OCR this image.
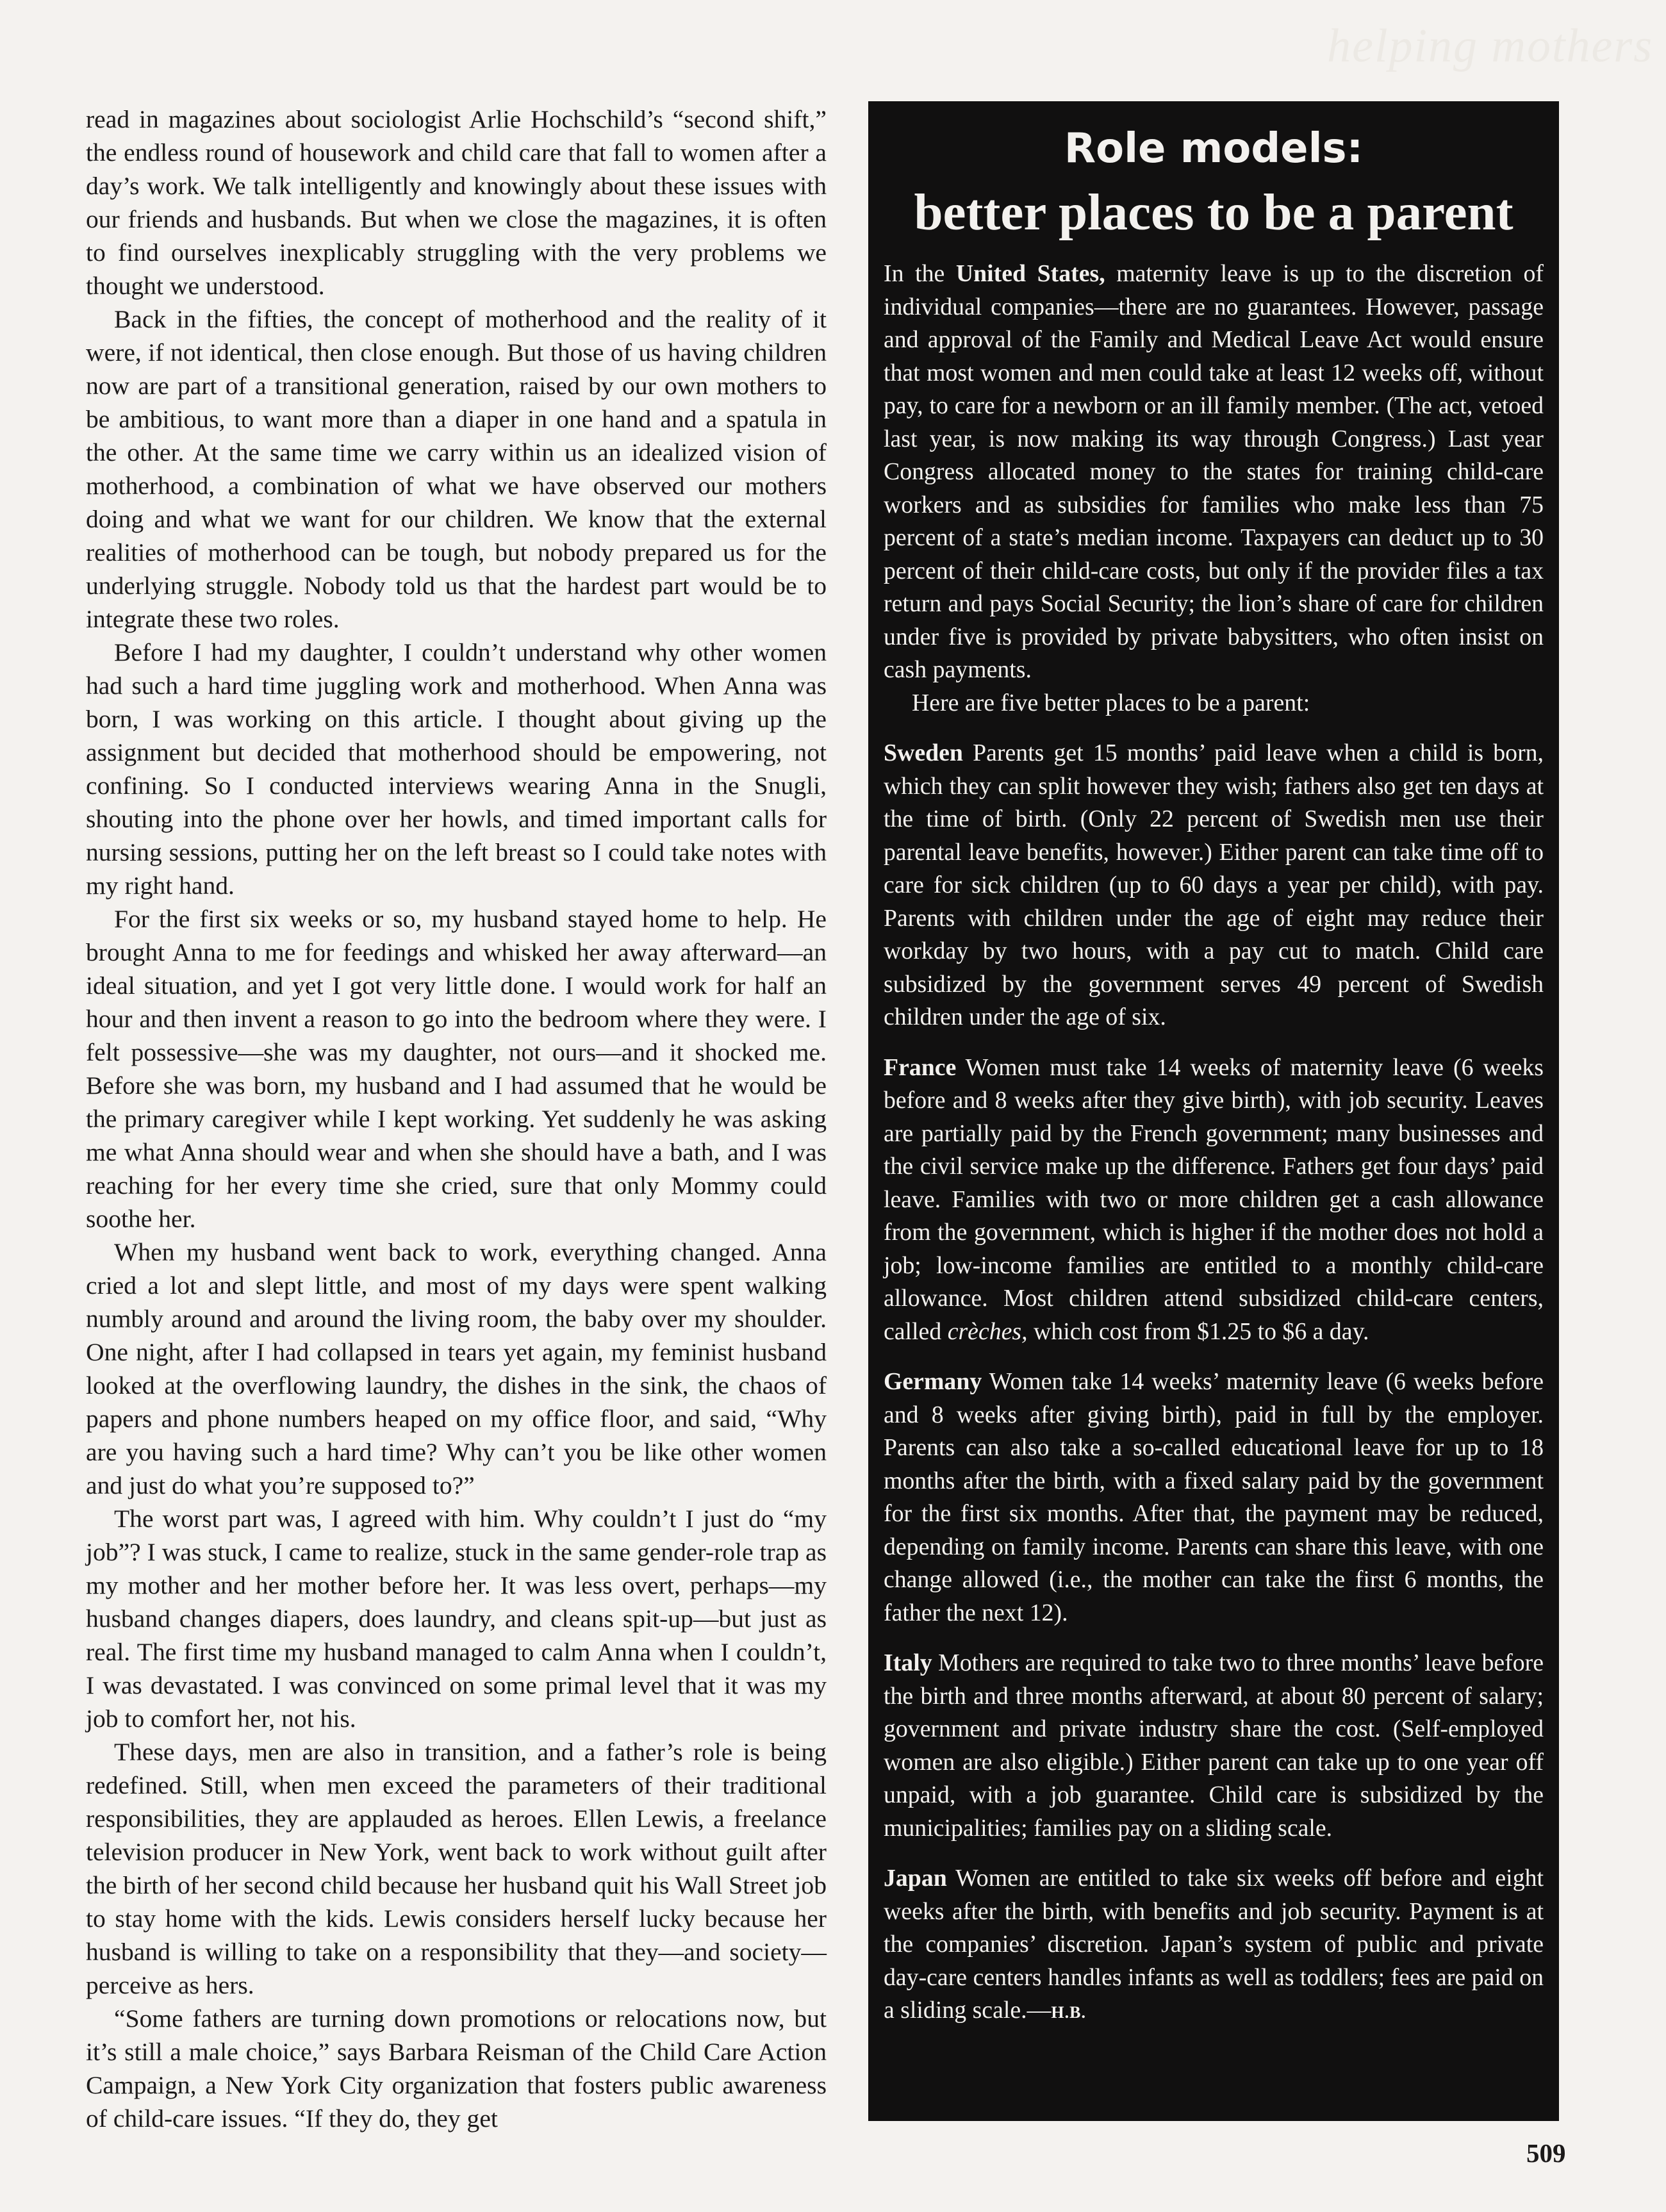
helping mothers

read in magazines about sociologist Arlie Hochschild’s “second shift,” the endless round of housework and child care that fall to women after a day’s work. We talk intelligently and knowingly about these issues with our friends and husbands. But when we close the magazines, it is often to find ourselves inexplicably struggling with the very problems we thought we understood.

Back in the fifties, the concept of motherhood and the reality of it were, if not identical, then close enough. But those of us having children now are part of a transitional generation, raised by our own mothers to be ambitious, to want more than a diaper in one hand and a spatula in the other. At the same time we carry within us an idealized vision of motherhood, a combination of what we have observed our mothers doing and what we want for our children. We know that the external realities of motherhood can be tough, but nobody prepared us for the underlying struggle. Nobody told us that the hardest part would be to integrate these two roles.

Before I had my daughter, I couldn’t understand why other women had such a hard time juggling work and motherhood. When Anna was born, I was working on this article. I thought about giving up the assignment but decided that motherhood should be empowering, not confining. So I conducted interviews wearing Anna in the Snugli, shouting into the phone over her howls, and timed important calls for nursing sessions, putting her on the left breast so I could take notes with my right hand.

For the first six weeks or so, my husband stayed home to help. He brought Anna to me for feedings and whisked her away afterward—an ideal situation, and yet I got very little done. I would work for half an hour and then invent a reason to go into the bedroom where they were. I felt possessive—she was my daughter, not ours—and it shocked me. Before she was born, my husband and I had assumed that he would be the primary caregiver while I kept working. Yet suddenly he was asking me what Anna should wear and when she should have a bath, and I was reaching for her every time she cried, sure that only Mommy could soothe her.

When my husband went back to work, everything changed. Anna cried a lot and slept little, and most of my days were spent walking numbly around and around the living room, the baby over my shoulder. One night, after I had collapsed in tears yet again, my feminist husband looked at the overflowing laundry, the dishes in the sink, the chaos of papers and phone numbers heaped on my office floor, and said, “Why are you having such a hard time? Why can’t you be like other women and just do what you’re supposed to?”

The worst part was, I agreed with him. Why couldn’t I just do “my job”? I was stuck, I came to realize, stuck in the same gender-role trap as my mother and her mother before her. It was less overt, perhaps—my husband changes diapers, does laundry, and cleans spit-up—but just as real. The first time my husband managed to calm Anna when I couldn’t, I was devastated. I was convinced on some primal level that it was my job to comfort her, not his.

These days, men are also in transition, and a father’s role is being redefined. Still, when men exceed the parameters of their traditional responsibilities, they are applauded as heroes. Ellen Lewis, a freelance television producer in New York, went back to work without guilt after the birth of her second child because her husband quit his Wall Street job to stay home with the kids. Lewis considers herself lucky because her husband is willing to take on a responsibility that they—and society—perceive as hers.

“Some fathers are turning down promotions or relocations now, but it’s still a male choice,” says Barbara Reisman of the Child Care Action Campaign, a New York City organization that fosters public awareness of child-care issues. “If they do, they get

Role models:
better places to be a parent

In the United States, maternity leave is up to the discretion of individual companies—there are no guarantees. However, passage and approval of the Family and Medical Leave Act would ensure that most women and men could take at least 12 weeks off, without pay, to care for a newborn or an ill family member. (The act, vetoed last year, is now making its way through Congress.) Last year Congress allocated money to the states for training child-care workers and as subsidies for families who make less than 75 percent of a state’s median income. Taxpayers can deduct up to 30 percent of their child-care costs, but only if the provider files a tax return and pays Social Security; the lion’s share of care for children under five is provided by private babysitters, who often insist on cash payments.

Here are five better places to be a parent:

Sweden Parents get 15 months’ paid leave when a child is born, which they can split however they wish; fathers also get ten days at the time of birth. (Only 22 percent of Swedish men use their parental leave benefits, however.) Either parent can take time off to care for sick children (up to 60 days a year per child), with pay. Parents with children under the age of eight may reduce their workday by two hours, with a pay cut to match. Child care subsidized by the government serves 49 percent of Swedish children under the age of six.

France Women must take 14 weeks of maternity leave (6 weeks before and 8 weeks after they give birth), with job security. Leaves are partially paid by the French government; many businesses and the civil service make up the difference. Fathers get four days’ paid leave. Families with two or more children get a cash allowance from the government, which is higher if the mother does not hold a job; low-income families are entitled to a monthly child-care allowance. Most children attend subsidized child-care centers, called crèches, which cost from $1.25 to $6 a day.

Germany Women take 14 weeks’ maternity leave (6 weeks before and 8 weeks after giving birth), paid in full by the employer. Parents can also take a so-called educational leave for up to 18 months after the birth, with a fixed salary paid by the government for the first six months. After that, the payment may be reduced, depending on family income. Parents can share this leave, with one change allowed (i.e., the mother can take the first 6 months, the father the next 12).

Italy Mothers are required to take two to three months’ leave before the birth and three months afterward, at about 80 percent of salary; government and private industry share the cost. (Self-employed women are also eligible.) Either parent can take up to one year off unpaid, with a job guarantee. Child care is subsidized by the municipalities; families pay on a sliding scale.

Japan Women are entitled to take six weeks off before and eight weeks after the birth, with benefits and job security. Payment is at the companies’ discretion. Japan’s system of public and private day-care centers handles infants as well as toddlers; fees are paid on a sliding scale.—H.B.

509
